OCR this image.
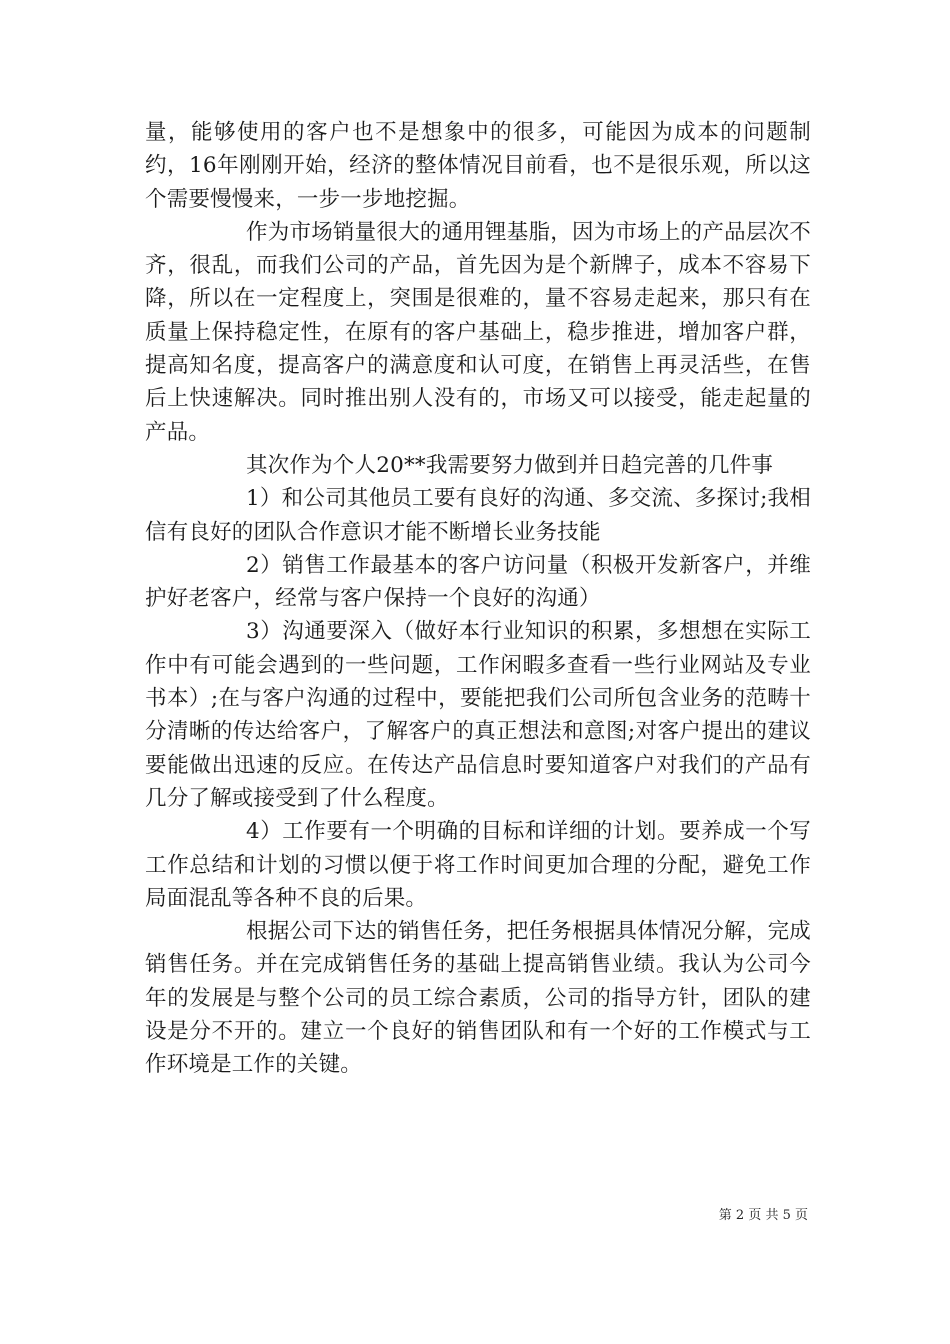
量，能够使用的客户也不是想象中的很多，可能因为成本的问题制约，16年刚刚开始，经济的整体情况目前看，也不是很乐观，所以这个需要慢慢来，一步一步地挖掘。

作为市场销量很大的通用锂基脂，因为市场上的产品层次不齐，很乱，而我们公司的产品，首先因为是个新牌子，成本不容易下降，所以在一定程度上，突围是很难的，量不容易走起来，那只有在质量上保持稳定性，在原有的客户基础上，稳步推进，增加客户群，提高知名度，提高客户的满意度和认可度，在销售上再灵活些，在售后上快速解决。同时推出别人没有的，市场又可以接受，能走起量的产品。

其次作为个人20**我需要努力做到并日趋完善的几件事

1）和公司其他员工要有良好的沟通、多交流、多探讨;我相信有良好的团队合作意识才能不断增长业务技能

2）销售工作最基本的客户访问量（积极开发新客户，并维护好老客户，经常与客户保持一个良好的沟通）

3）沟通要深入（做好本行业知识的积累，多想想在实际工作中有可能会遇到的一些问题，工作闲暇多查看一些行业网站及专业书本）;在与客户沟通的过程中，要能把我们公司所包含业务的范畴十分清晰的传达给客户，了解客户的真正想法和意图;对客户提出的建议要能做出迅速的反应。在传达产品信息时要知道客户对我们的产品有几分了解或接受到了什么程度。

4）工作要有一个明确的目标和详细的计划。要养成一个写工作总结和计划的习惯以便于将工作时间更加合理的分配，避免工作局面混乱等各种不良的后果。

根据公司下达的销售任务，把任务根据具体情况分解，完成销售任务。并在完成销售任务的基础上提高销售业绩。我认为公司今年的发展是与整个公司的员工综合素质，公司的指导方针，团队的建设是分不开的。建立一个良好的销售团队和有一个好的工作模式与工作环境是工作的关键。

第 2 页 共 5 页
